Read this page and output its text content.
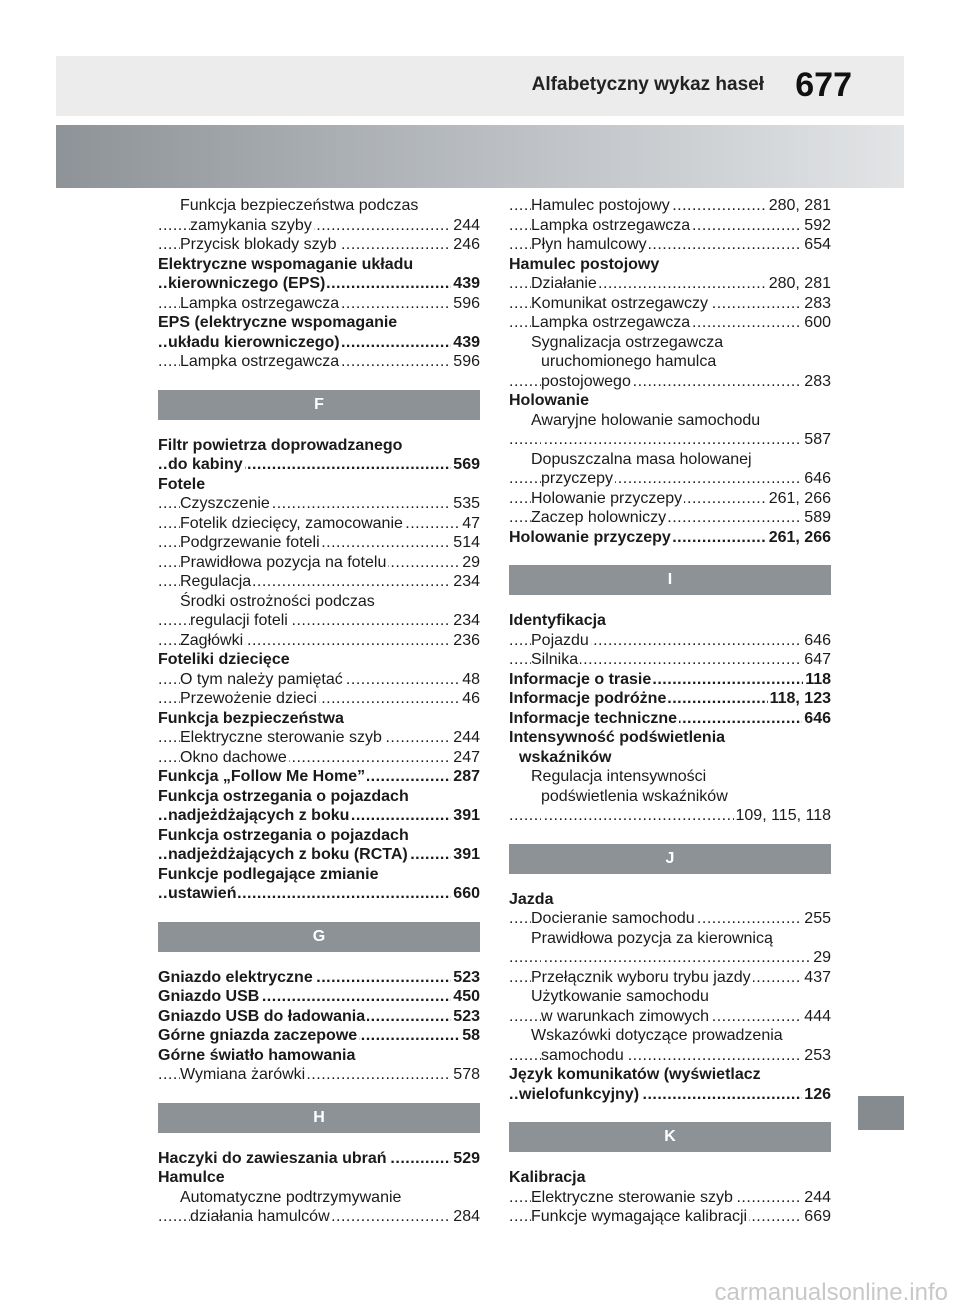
Alfabetyczny wykaz haseł 677
Funkcja bezpieczeństwa podczas
zamykania szyby	244
Przycisk blokady szyb	246
Elektryczne wspomaganie układu
kierowniczego (EPS)	439
Lampka ostrzegawcza	596
EPS (elektryczne wspomaganie
układu kierowniczego)	439
Lampka ostrzegawcza	596
F
Filtr powietrza doprowadzanego
do kabiny	569
Fotele
Czyszczenie	535
Fotelik dziecięcy, zamocowanie	47
Podgrzewanie foteli	514
Prawidłowa pozycja na fotelu	29
Regulacja	234
Środki ostrożności podczas
regulacji foteli	234
Zagłówki	236
Foteliki dziecięce
O tym należy pamiętać	48
Przewożenie dzieci	46
Funkcja bezpieczeństwa
Elektryczne sterowanie szyb	244
Okno dachowe	247
Funkcja „Follow Me Home”	287
Funkcja ostrzegania o pojazdach
nadjeżdżających z boku	391
Funkcja ostrzegania o pojazdach
nadjeżdżających z boku (RCTA)	391
Funkcje podlegające zmianie
ustawień	660
G
Gniazdo elektryczne	523
Gniazdo USB	450
Gniazdo USB do ładowania	523
Górne gniazda zaczepowe	58
Górne światło hamowania
Wymiana żarówki	578
H
Haczyki do zawieszania ubrań	529
Hamulce
Automatyczne podtrzymywanie
działania hamulców	284
Hamulec postojowy	280, 281
Lampka ostrzegawcza	592
Płyn hamulcowy	654
Hamulec postojowy
Działanie	280, 281
Komunikat ostrzegawczy	283
Lampka ostrzegawcza	600
Sygnalizacja ostrzegawcza
uruchomionego hamulca
postojowego	283
Holowanie
Awaryjne holowanie samochodu
587
Dopuszczalna masa holowanej
przyczepy	646
Holowanie przyczepy	261, 266
Zaczep holowniczy	589
Holowanie przyczepy	261, 266
I
Identyfikacja
Pojazdu	646
Silnika	647
Informacje o trasie	118
Informacje podróżne	118, 123
Informacje techniczne	646
Intensywność podświetlenia
wskaźników
Regulacja intensywności
podświetlenia wskaźników
109, 115, 118
J
Jazda
Docieranie samochodu	255
Prawidłowa pozycja za kierownicą
29
Przełącznik wyboru trybu jazdy	437
Użytkowanie samochodu
w warunkach zimowych	444
Wskazówki dotyczące prowadzenia
samochodu	253
Język komunikatów (wyświetlacz
wielofunkcyjny)	126
K
Kalibracja
Elektryczne sterowanie szyb	244
Funkcje wymagające kalibracji	669
carmanualsonline.info
